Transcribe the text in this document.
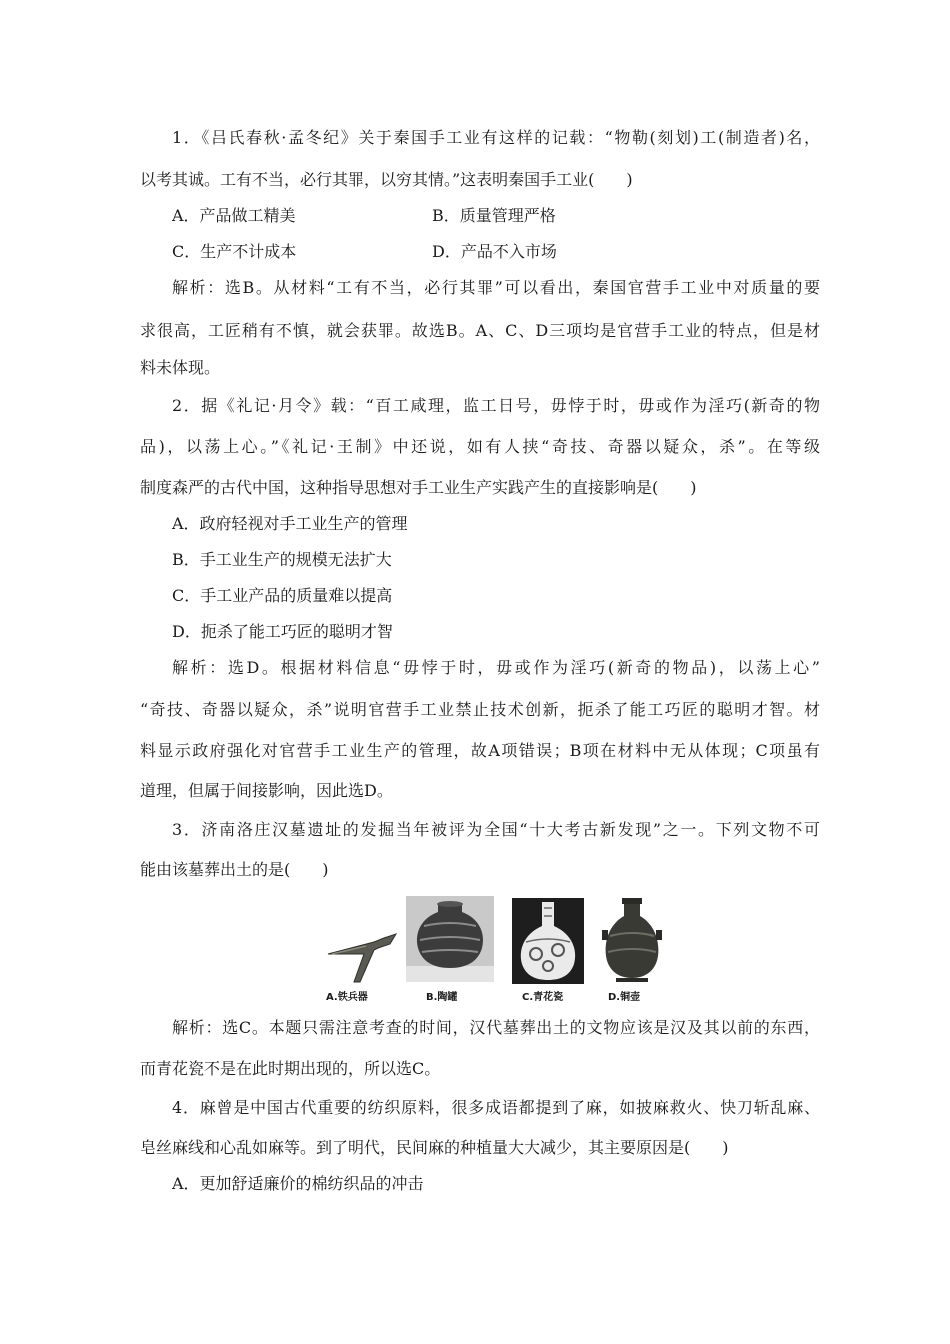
1．《吕氏春秋·孟冬纪》关于秦国手工业有这样的记载：“物勒(刻划)工(制造者)名，
以考其诚。工有不当，必行其罪，以穷其情。”这表明秦国手工业(　　)
A．产品做工精美	B．质量管理严格
C．生产不计成本	D．产品不入市场
解析：选B。从材料“工有不当，必行其罪”可以看出，秦国官营手工业中对质量的要
求很高，工匠稍有不慎，就会获罪。故选B。A、C、D三项均是官营手工业的特点，但是材
料未体现。
2．据《礼记·月令》载：“百工咸理，监工日号，毋悖于时，毋或作为淫巧(新奇的物
品)，以荡上心。”《礼记·王制》中还说，如有人挟“奇技、奇器以疑众，杀”。在等级
制度森严的古代中国，这种指导思想对手工业生产实践产生的直接影响是(　　)
A．政府轻视对手工业生产的管理
B．手工业生产的规模无法扩大
C．手工业产品的质量难以提高
D．扼杀了能工巧匠的聪明才智
解析：选D。根据材料信息“毋悖于时，毋或作为淫巧(新奇的物品)，以荡上心”
“奇技、奇器以疑众，杀”说明官营手工业禁止技术创新，扼杀了能工巧匠的聪明才智。材
料显示政府强化对官营手工业生产的管理，故A项错误；B项在材料中无从体现；C项虽有
道理，但属于间接影响，因此选D。
3．济南洛庄汉墓遗址的发掘当年被评为全国“十大考古新发现”之一。下列文物不可
能由该墓葬出土的是(　　)
A.铁兵器	B.陶罐	C.青花瓷	D.铜壶
解析：选C。本题只需注意考查的时间，汉代墓葬出土的文物应该是汉及其以前的东西，
而青花瓷不是在此时期出现的，所以选C。
4．麻曾是中国古代重要的纺织原料，很多成语都提到了麻，如披麻救火、快刀斩乱麻、
皂丝麻线和心乱如麻等。到了明代，民间麻的种植量大大减少，其主要原因是(　　)
A．更加舒适廉价的棉纺织品的冲击
